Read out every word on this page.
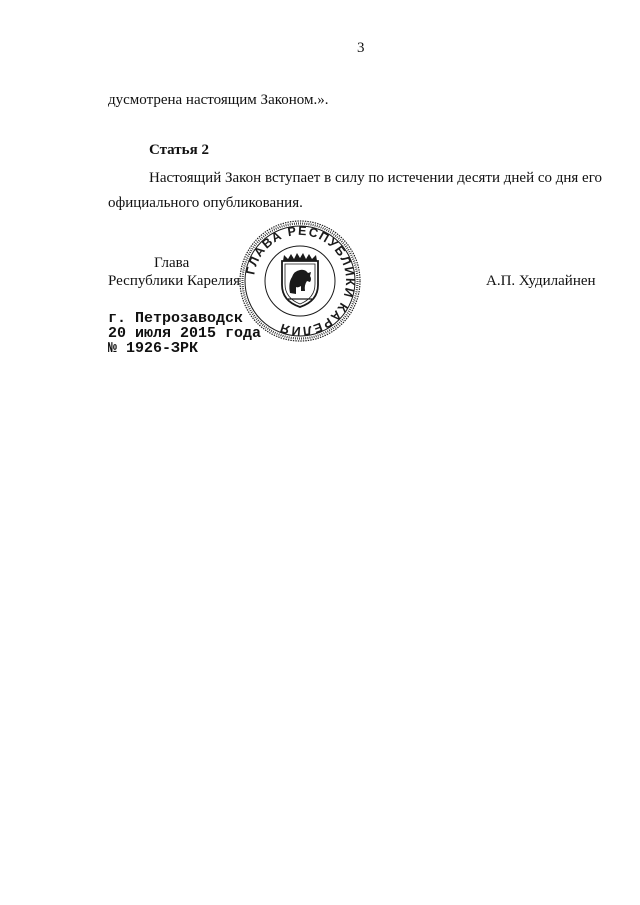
3
дусмотрена настоящим Законом.».
Статья 2
Настоящий Закон вступает в силу по истечении десяти дней со дня его
официального опубликования.
Глава
Республики Карелия	А.П. Худилайнен
г. Петрозаводск
20 июля 2015 года
№ 1926-ЗРК
ГЛАВА РЕСПУБЛИКИ КАРЕЛИЯ
